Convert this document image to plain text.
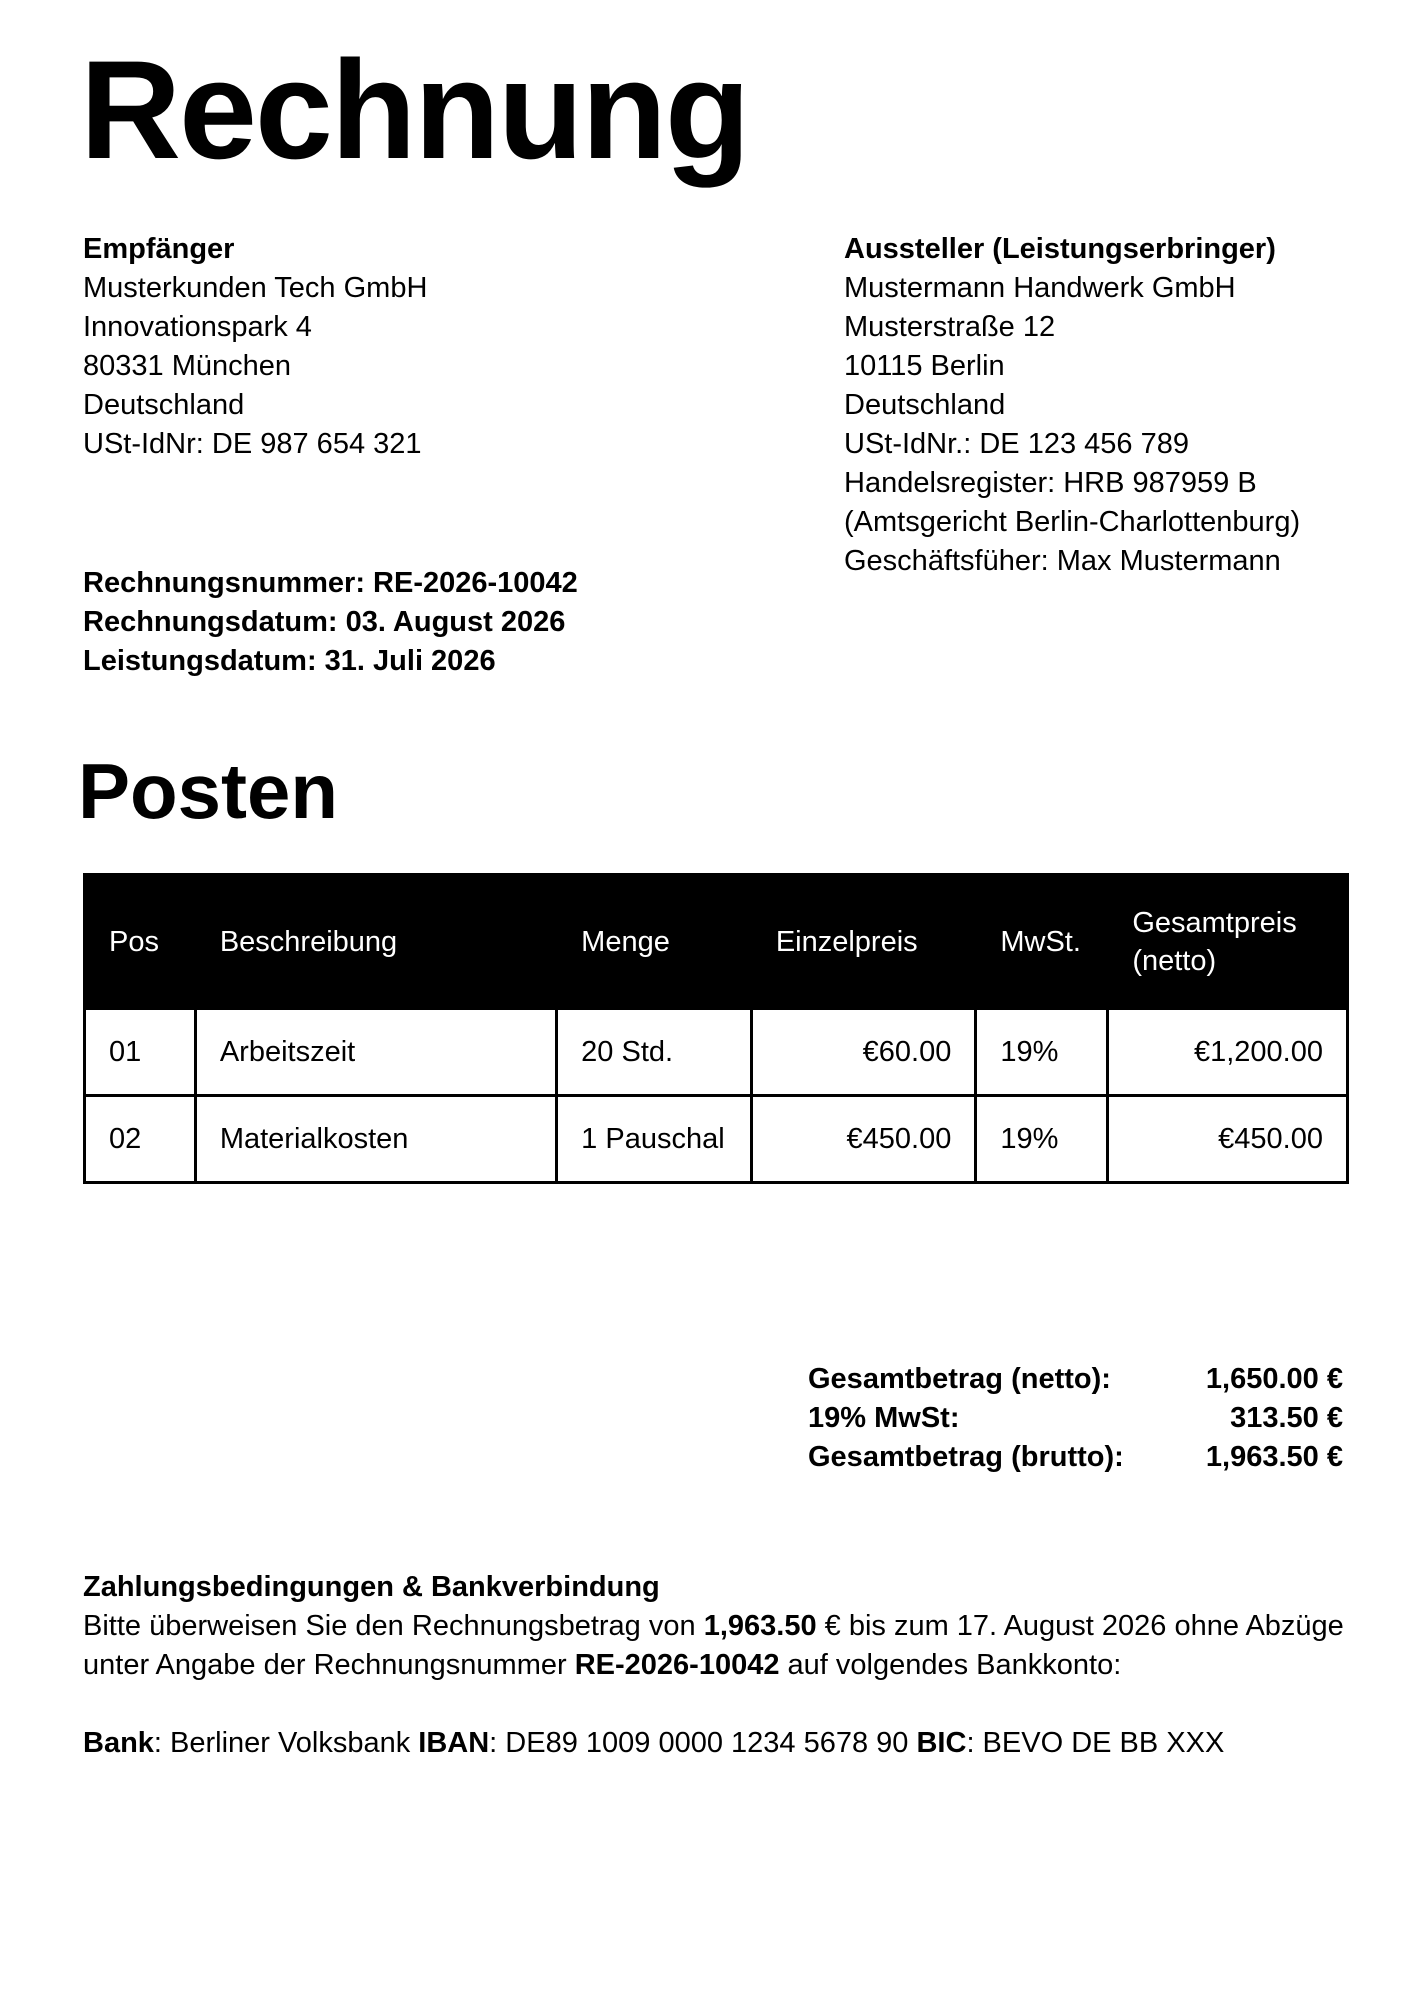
Rechnung
Empfänger
Musterkunden Tech GmbH
Innovationspark 4
80331 München
Deutschland
USt-IdNr: DE 987 654 321
Aussteller (Leistungserbringer)
Mustermann Handwerk GmbH
Musterstraße 12
10115 Berlin
Deutschland
USt-IdNr.: DE 123 456 789
Handelsregister: HRB 987959 B
(Amtsgericht Berlin-Charlottenburg)
Geschäftsfüher: Max Mustermann
Rechnungsnummer: RE-2026-10042
Rechnungsdatum: 03. August 2026
Leistungsdatum: 31. Juli 2026
Posten
Pos	Beschreibung	Menge	Einzelpreis	MwSt.	Gesamtpreis (netto)
01	Arbeitszeit	20 Std.	€60.00	19%	€1,200.00
02	Materialkosten	1 Pauschal	€450.00	19%	€450.00
Gesamtbetrag (netto):	1,650.00 €
19% MwSt:	313.50 €
Gesamtbetrag (brutto):	1,963.50 €
Zahlungsbedingungen & Bankverbindung
Bitte überweisen Sie den Rechnungsbetrag von 1,963.50 € bis zum 17. August 2026 ohne Abzüge unter Angabe der Rechnungsnummer RE-2026-10042 auf volgendes Bankkonto:
Bank: Berliner Volksbank IBAN: DE89 1009 0000 1234 5678 90 BIC: BEVO DE BB XXX
